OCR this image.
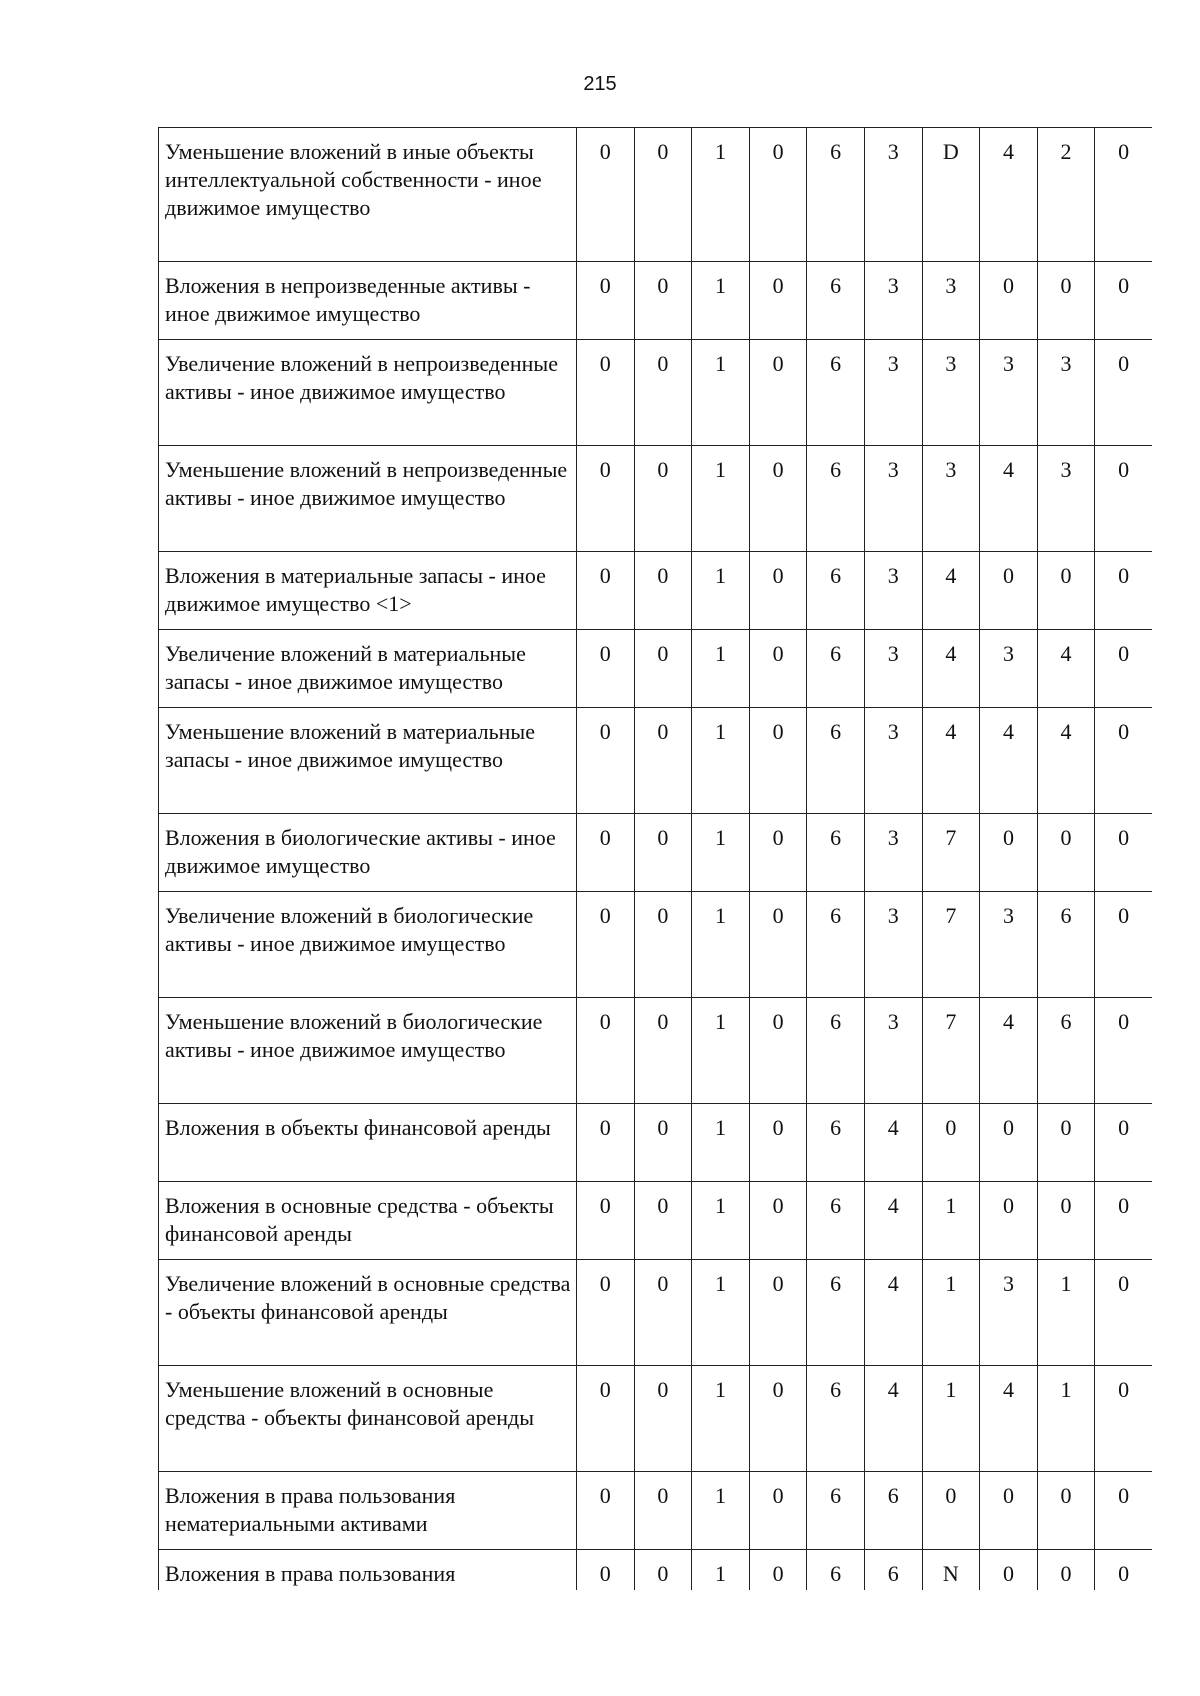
215
Уменьшение вложений в иные объекты интеллектуальной собственности - иное движимое имущество	0	0	1	0	6	3	D	4	2	0
Вложения в непроизведенные активы - иное движимое имущество	0	0	1	0	6	3	3	0	0	0
Увеличение вложений в непроизведенные активы - иное движимое имущество	0	0	1	0	6	3	3	3	3	0
Уменьшение вложений в непроизведенные активы - иное движимое имущество	0	0	1	0	6	3	3	4	3	0
Вложения в материальные запасы - иное движимое имущество <1>	0	0	1	0	6	3	4	0	0	0
Увеличение вложений в материальные запасы - иное движимое имущество	0	0	1	0	6	3	4	3	4	0
Уменьшение вложений в материальные запасы - иное движимое имущество	0	0	1	0	6	3	4	4	4	0
Вложения в биологические активы - иное движимое имущество	0	0	1	0	6	3	7	0	0	0
Увеличение вложений в биологические активы - иное движимое имущество	0	0	1	0	6	3	7	3	6	0
Уменьшение вложений в биологические активы - иное движимое имущество	0	0	1	0	6	3	7	4	6	0
Вложения в объекты финансовой аренды	0	0	1	0	6	4	0	0	0	0
Вложения в основные средства - объекты финансовой аренды	0	0	1	0	6	4	1	0	0	0
Увеличение вложений в основные средства - объекты финансовой аренды	0	0	1	0	6	4	1	3	1	0
Уменьшение вложений в основные средства - объекты финансовой аренды	0	0	1	0	6	4	1	4	1	0
Вложения в права пользования нематериальными активами	0	0	1	0	6	6	0	0	0	0
Вложения в права пользования	0	0	1	0	6	6	N	0	0	0
